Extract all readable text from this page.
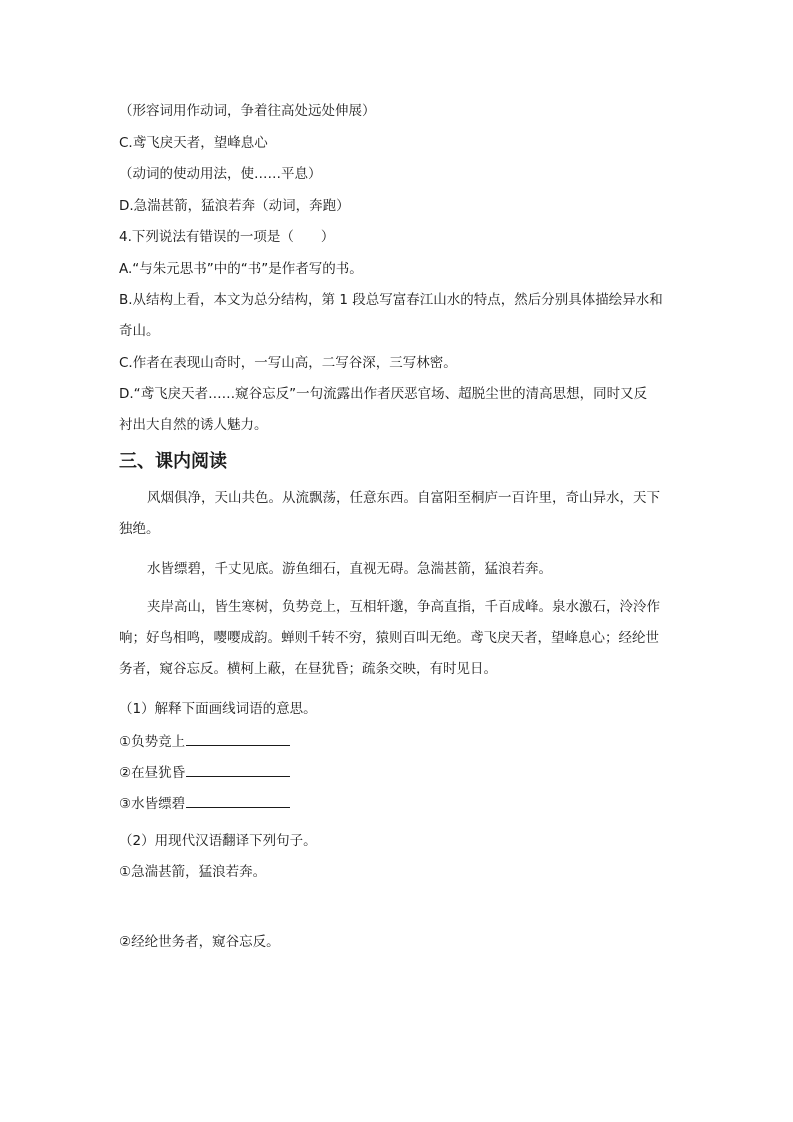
（形容词用作动词，争着往高处远处伸展）
C.鸢飞戾天者，望峰息心
（动词的使动用法，使……平息）
D.急湍甚箭，猛浪若奔（动词，奔跑）
4.下列说法有错误的一项是（　　）
A.“与朱元思书”中的“书”是作者写的书。
B.从结构上看，本文为总分结构，第 1 段总写富春江山水的特点，然后分别具体描绘异水和
奇山。
C.作者在表现山奇时，一写山高，二写谷深，三写林密。
D.“鸢飞戾天者……窥谷忘反”一句流露出作者厌恶官场、超脱尘世的清高思想，同时又反
衬出大自然的诱人魅力。
三、课内阅读
风烟俱净，天山共色。从流飘荡，任意东西。自富阳至桐庐一百许里，奇山异水，天下
独绝。
水皆缥碧，千丈见底。游鱼细石，直视无碍。急湍甚箭，猛浪若奔。
夹岸高山，皆生寒树，负势竞上，互相轩邈，争高直指，千百成峰。泉水激石，泠泠作
响；好鸟相鸣，嘤嘤成韵。蝉则千转不穷，猿则百叫无绝。鸢飞戾天者，望峰息心；经纶世
务者，窥谷忘反。横柯上蔽，在昼犹昏；疏条交映，有时见日。
（1）解释下面画线词语的意思。
①负势竞上
②在昼犹昏
③水皆缥碧
（2）用现代汉语翻译下列句子。
①急湍甚箭，猛浪若奔。
②经纶世务者，窥谷忘反。
